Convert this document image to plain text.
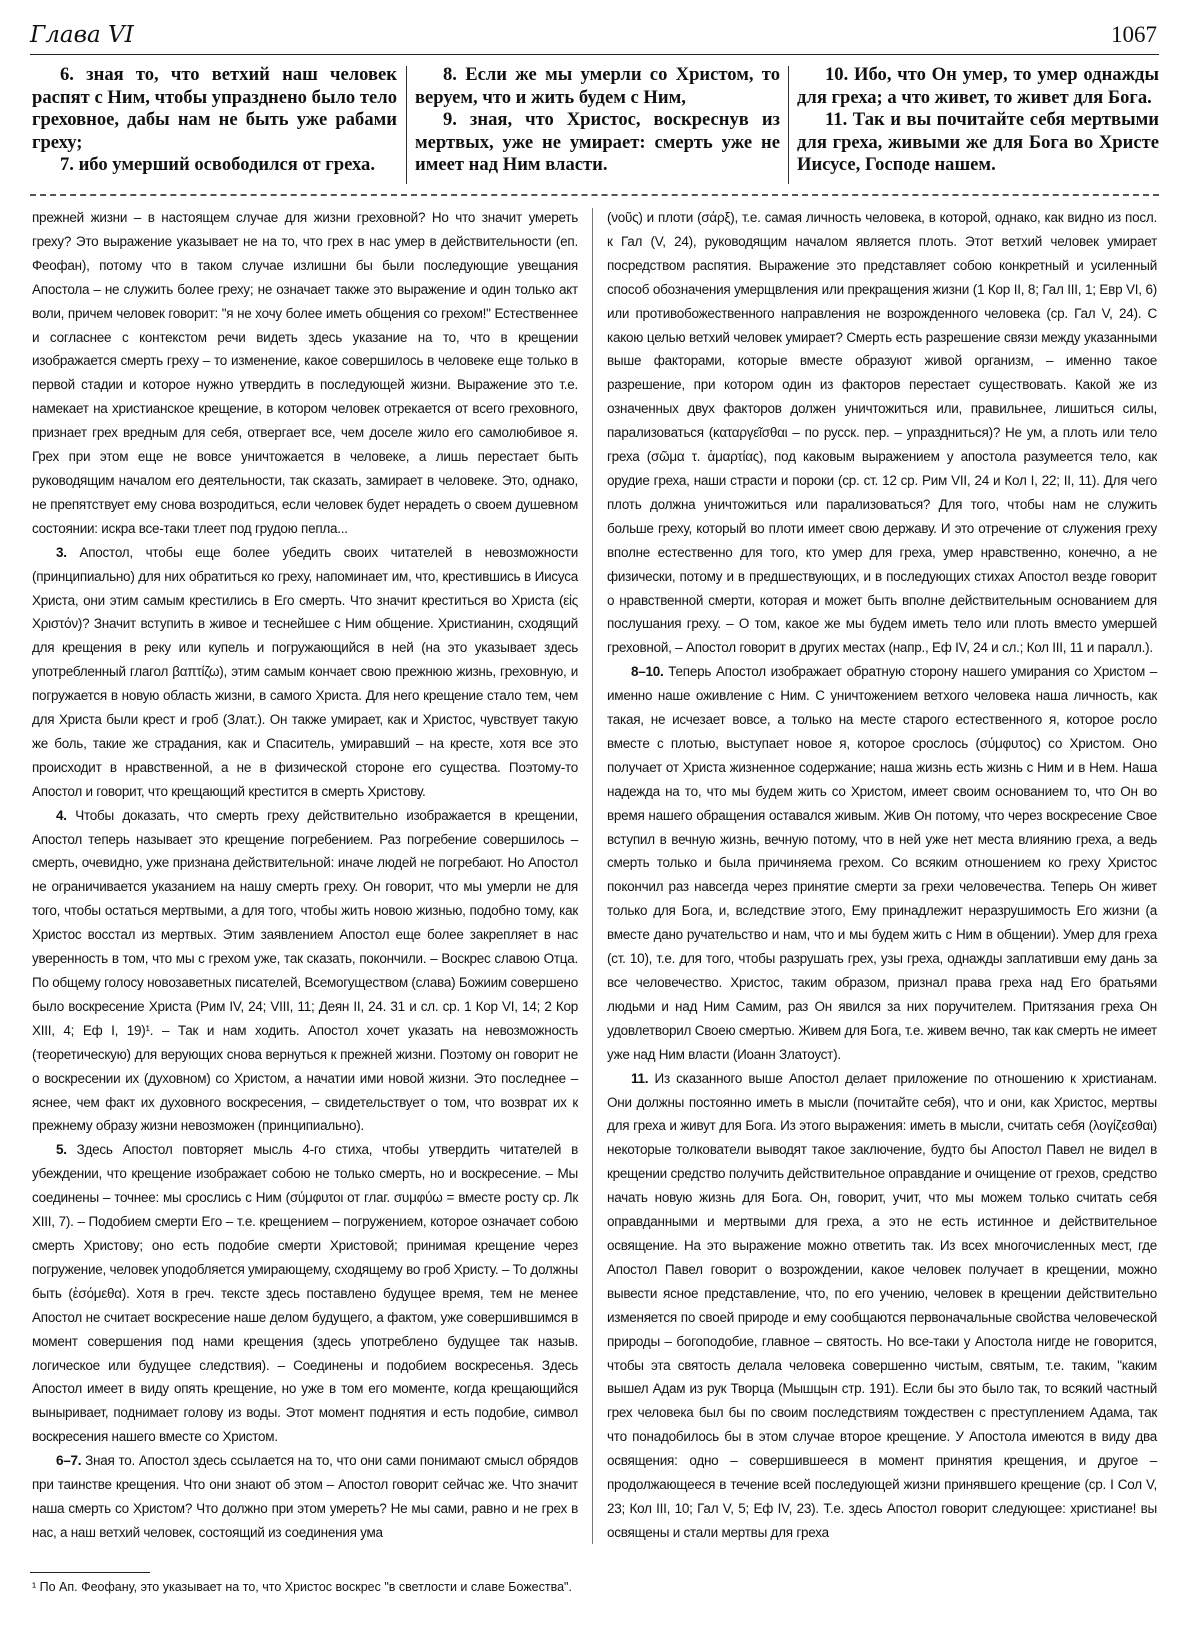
Глава VI	1067

6. зная то, что ветхий наш человек распят с Ним, чтобы упразднено было тело греховное, дабы нам не быть уже рабами греху;

7. ибо умерший освободился от греха.

8. Если же мы умерли со Христом, то веруем, что и жить будем с Ним,

9. зная, что Христос, воскреснув из мертвых, уже не умирает: смерть уже не имеет над Ним власти.

10. Ибо, что Он умер, то умер однажды для греха; а что живет, то живет для Бога.

11. Так и вы почитайте себя мертвыми для греха, живыми же для Бога во Христе Иисусе, Господе нашем.

прежней жизни – в настоящем случае для жизни греховной? Но что значит умереть греху? Это выражение указывает не на то, что грех в нас умер в действительности (еп. Феофан), потому что в таком случае излишни бы были последующие увещания Апостола – не служить более греху; не означает также это выражение и один только акт воли, причем человек говорит: "я не хочу более иметь общения со грехом!" Естественнее и согласнее с контекстом речи видеть здесь указание на то, что в крещении изображается смерть греху – то изменение, какое совершилось в человеке еще только в первой стадии и которое нужно утвердить в последующей жизни. Выражение это т.е. намекает на христианское крещение, в котором человек отрекается от всего греховного, признает грех вредным для себя, отвергает все, чем доселе жило его самолюбивое я. Грех при этом еще не вовсе уничтожается в человеке, а лишь перестает быть руководящим началом его деятельности, так сказать, замирает в человеке. Это, однако, не препятствует ему снова возродиться, если человек будет нерадеть о своем душевном состоянии: искра все-таки тлеет под грудою пепла...

3. Апостол, чтобы еще более убедить своих читателей в невозможности (принципиально) для них обратиться ко греху, напоминает им, что, крестившись в Иисуса Христа, они этим самым крестились в Его смерть. Что значит креститься во Христа (εἰς Χριστόν)? Значит вступить в живое и теснейшее с Ним общение. Христианин, сходящий для крещения в реку или купель и погружающийся в ней (на это указывает здесь употребленный глагол βαπτίζω), этим самым кончает свою прежнюю жизнь, греховную, и погружается в новую область жизни, в самого Христа. Для него крещение стало тем, чем для Христа были крест и гроб (Злат.). Он также умирает, как и Христос, чувствует такую же боль, такие же страдания, как и Спаситель, умиравший – на кресте, хотя все это происходит в нравственной, а не в физической стороне его существа. Поэтому-то Апостол и говорит, что крещающий крестится в смерть Христову.

4. Чтобы доказать, что смерть греху действительно изображается в крещении, Апостол теперь называет это крещение погребением. Раз погребение совершилось – смерть, очевидно, уже признана действительной: иначе людей не погребают. Но Апостол не ограничивается указанием на нашу смерть греху. Он говорит, что мы умерли не для того, чтобы остаться мертвыми, а для того, чтобы жить новою жизнью, подобно тому, как Христос восстал из мертвых. Этим заявлением Апостол еще более закрепляет в нас уверенность в том, что мы с грехом уже, так сказать, покончили. – Воскрес славою Отца. По общему голосу новозаветных писателей, Всемогуществом (слава) Божиим совершено было воскресение Христа (Рим IV, 24; VIII, 11; Деян II, 24. 31 и сл. ср. 1 Кор VI, 14; 2 Кор XIII, 4; Еф I, 19)¹. – Так и нам ходить. Апостол хочет указать на невозможность (теоретическую) для верующих снова вернуться к прежней жизни. Поэтому он говорит не о воскресении их (духовном) со Христом, а начатии ими новой жизни. Это последнее – яснее, чем факт их духовного воскресения, – свидетельствует о том, что возврат их к прежнему образу жизни невозможен (принципиально).

5. Здесь Апостол повторяет мысль 4-го стиха, чтобы утвердить читателей в убеждении, что крещение изображает собою не только смерть, но и воскресение. – Мы соединены – точнее: мы срослись с Ним (σύμφυτοι от глаг. συμφύω = вместе росту ср. Лк XIII, 7). – Подобием смерти Его – т.е. крещением – погружением, которое означает собою смерть Христову; оно есть подобие смерти Христовой; принимая крещение через погружение, человек уподобляется умирающему, сходящему во гроб Христу. – То должны быть (ἐσόμεθα). Хотя в греч. тексте здесь поставлено будущее время, тем не менее Апостол не считает воскресение наше делом будущего, а фактом, уже совершившимся в момент совершения под нами крещения (здесь употреблено будущее так назыв. логическое или будущее следствия). – Соединены и подобием воскресенья. Здесь Апостол имеет в виду опять крещение, но уже в том его моменте, когда крещающийся выныривает, поднимает голову из воды. Этот момент поднятия и есть подобие, символ воскресения нашего вместе со Христом.

6–7. Зная то. Апостол здесь ссылается на то, что они сами понимают смысл обрядов при таинстве крещения. Что они знают об этом – Апостол говорит сейчас же. Что значит наша смерть со Христом? Что должно при этом умереть? Не мы сами, равно и не грех в нас, а наш ветхий человек, состоящий из соединения ума

(νοῦς) и плоти (σάρξ), т.е. самая личность человека, в которой, однако, как видно из посл. к Гал (V, 24), руководящим началом является плоть. Этот ветхий человек умирает посредством распятия. Выражение это представляет собою конкретный и усиленный способ обозначения умерщвления или прекращения жизни (1 Кор II, 8; Гал III, 1; Евр VI, 6) или противобожественного направления не возрожденного человека (ср. Гал V, 24). С какою целью ветхий человек умирает? Смерть есть разрешение связи между указанными выше факторами, которые вместе образуют живой организм, – именно такое разрешение, при котором один из факторов перестает существовать. Какой же из означенных двух факторов должен уничтожиться или, правильнее, лишиться силы, парализоваться (καταργεῖσθαι – по русск. пер. – упраздниться)? Не ум, а плоть или тело греха (σῶμα τ. ἁμαρτίας), под каковым выражением у апостола разумеется тело, как орудие греха, наши страсти и пороки (ср. ст. 12 ср. Рим VII, 24 и Кол I, 22; II, 11). Для чего плоть должна уничтожиться или парализоваться? Для того, чтобы нам не служить больше греху, который во плоти имеет свою державу. И это отречение от служения греху вполне естественно для того, кто умер для греха, умер нравственно, конечно, а не физически, потому и в предшествующих, и в последующих стихах Апостол везде говорит о нравственной смерти, которая и может быть вполне действительным основанием для послушания греху. – О том, какое же мы будем иметь тело или плоть вместо умершей греховной, – Апостол говорит в других местах (напр., Еф IV, 24 и сл.; Кол III, 11 и паралл.).

8–10. Теперь Апостол изображает обратную сторону нашего умирания со Христом – именно наше оживление с Ним. С уничтожением ветхого человека наша личность, как такая, не исчезает вовсе, а только на месте старого естественного я, которое росло вместе с плотью, выступает новое я, которое срослось (σύμφυτος) со Христом. Оно получает от Христа жизненное содержание; наша жизнь есть жизнь с Ним и в Нем. Наша надежда на то, что мы будем жить со Христом, имеет своим основанием то, что Он во время нашего обращения оставался живым. Жив Он потому, что через воскресение Свое вступил в вечную жизнь, вечную потому, что в ней уже нет места влиянию греха, а ведь смерть только и была причиняема грехом. Со всяким отношением ко греху Христос покончил раз навсегда через принятие смерти за грехи человечества. Теперь Он живет только для Бога, и, вследствие этого, Ему принадлежит неразрушимость Его жизни (а вместе дано ручательство и нам, что и мы будем жить с Ним в общении). Умер для греха (ст. 10), т.е. для того, чтобы разрушать грех, узы греха, однажды заплативши ему дань за все человечество. Христос, таким образом, признал права греха над Его братьями людьми и над Ним Самим, раз Он явился за них поручителем. Притязания греха Он удовлетворил Своею смертью. Живем для Бога, т.е. живем вечно, так как смерть не имеет уже над Ним власти (Иоанн Златоуст).

11. Из сказанного выше Апостол делает приложение по отношению к христианам. Они должны постоянно иметь в мысли (почитайте себя), что и они, как Христос, мертвы для греха и живут для Бога. Из этого выражения: иметь в мысли, считать себя (λογίζεσθαι) некоторые толкователи выводят такое заключение, будто бы Апостол Павел не видел в крещении средство получить действительное оправдание и очищение от грехов, средство начать новую жизнь для Бога. Он, говорит, учит, что мы можем только считать себя оправданными и мертвыми для греха, а это не есть истинное и действительное освящение. На это выражение можно ответить так. Из всех многочисленных мест, где Апостол Павел говорит о возрождении, какое человек получает в крещении, можно вывести ясное представление, что, по его учению, человек в крещении действительно изменяется по своей природе и ему сообщаются первоначальные свойства человеческой природы – богоподобие, главное – святость. Но все-таки у Апостола нигде не говорится, чтобы эта святость делала человека совершенно чистым, святым, т.е. таким, "каким вышел Адам из рук Творца (Мышцын стр. 191). Если бы это было так, то всякий частный грех человека был бы по своим последствиям тождествен с преступлением Адама, так что понадобилось бы в этом случае второе крещение. У Апостола имеются в виду два освящения: одно – совершившееся в момент принятия крещения, и другое – продолжающееся в течение всей последующей жизни принявшего крещение (ср. I Сол V, 23; Кол III, 10; Гал V, 5; Еф IV, 23). Т.е. здесь Апостол говорит следующее: христиане! вы освящены и стали мертвы для греха

¹ По Ап. Феофану, это указывает на то, что Христос воскрес "в светлости и славе Божества".
